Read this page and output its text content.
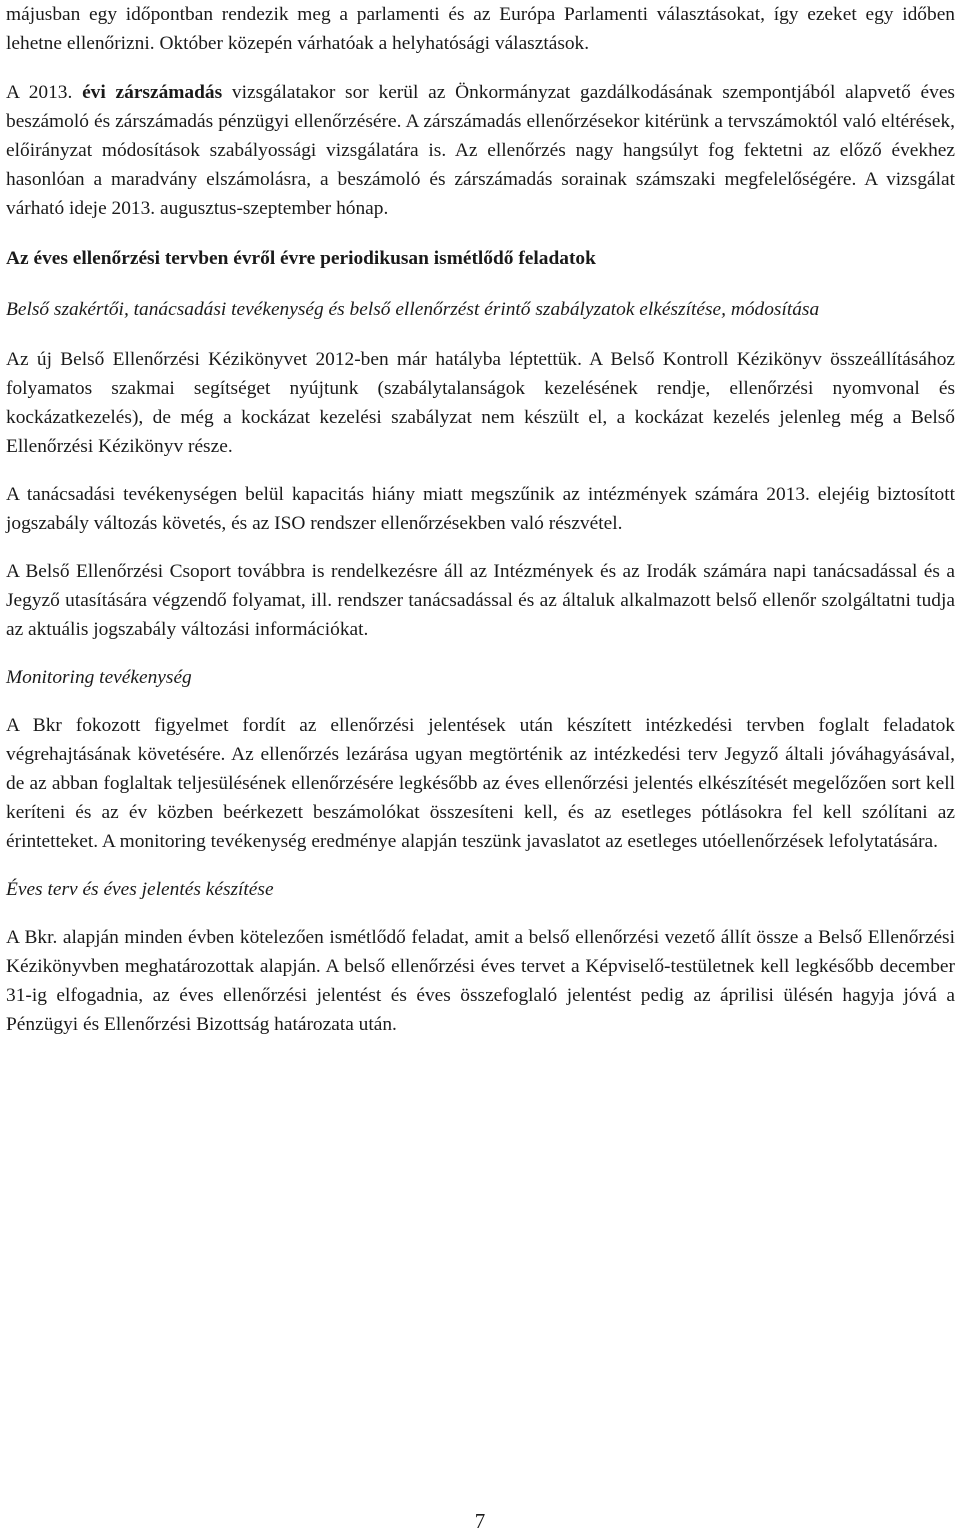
májusban egy időpontban rendezik meg a parlamenti és az Európa Parlamenti választásokat, így ezeket egy időben lehetne ellenőrizni. Október közepén várhatóak a helyhatósági választások.

A 2013. évi zárszámadás vizsgálatakor sor kerül az Önkormányzat gazdálkodásának szempontjából alapvető éves beszámoló és zárszámadás pénzügyi ellenőrzésére. A zárszámadás ellenőrzésekor kitérünk a tervszámoktól való eltérések, előirányzat módosítások szabályossági vizsgálatára is. Az ellenőrzés nagy hangsúlyt fog fektetni az előző évekhez hasonlóan a maradvány elszámolásra, a beszámoló és zárszámadás sorainak számszaki megfelelőségére. A vizsgálat várható ideje 2013. augusztus-szeptember hónap.

Az éves ellenőrzési tervben évről évre periodikusan ismétlődő feladatok

Belső szakértői, tanácsadási tevékenység és belső ellenőrzést érintő szabályzatok elkészítése, módosítása

Az új Belső Ellenőrzési Kézikönyvet 2012-ben már hatályba léptettük. A Belső Kontroll Kézikönyv összeállításához folyamatos szakmai segítséget nyújtunk (szabálytalanságok kezelésének rendje, ellenőrzési nyomvonal és kockázatkezelés), de még a kockázat kezelési szabályzat nem készült el, a kockázat kezelés jelenleg még a Belső Ellenőrzési Kézikönyv része.

A tanácsadási tevékenységen belül kapacitás hiány miatt megszűnik az intézmények számára 2013. elejéig biztosított jogszabály változás követés, és az ISO rendszer ellenőrzésekben való részvétel.

A Belső Ellenőrzési Csoport továbbra is rendelkezésre áll az Intézmények és az Irodák számára napi tanácsadással és a Jegyző utasítására végzendő folyamat, ill. rendszer tanácsadással és az általuk alkalmazott belső ellenőr szolgáltatni tudja az aktuális jogszabály változási információkat.

Monitoring tevékenység

A Bkr fokozott figyelmet fordít az ellenőrzési jelentések után készített intézkedési tervben foglalt feladatok végrehajtásának követésére. Az ellenőrzés lezárása ugyan megtörténik az intézkedési terv Jegyző általi jóváhagyásával, de az abban foglaltak teljesülésének ellenőrzésére legkésőbb az éves ellenőrzési jelentés elkészítését megelőzően sort kell keríteni és az év közben beérkezett beszámolókat összesíteni kell, és az esetleges pótlásokra fel kell szólítani az érintetteket. A monitoring tevékenység eredménye alapján teszünk javaslatot az esetleges utóellenőrzések lefolytatására.

Éves terv és éves jelentés készítése

A Bkr. alapján minden évben kötelezően ismétlődő feladat, amit a belső ellenőrzési vezető állít össze a Belső Ellenőrzési Kézikönyvben meghatározottak alapján. A belső ellenőrzési éves tervet a Képviselő-testületnek kell legkésőbb december 31-ig elfogadnia, az éves ellenőrzési jelentést és éves összefoglaló jelentést pedig az áprilisi ülésén hagyja jóvá a Pénzügyi és Ellenőrzési Bizottság határozata után.

7
